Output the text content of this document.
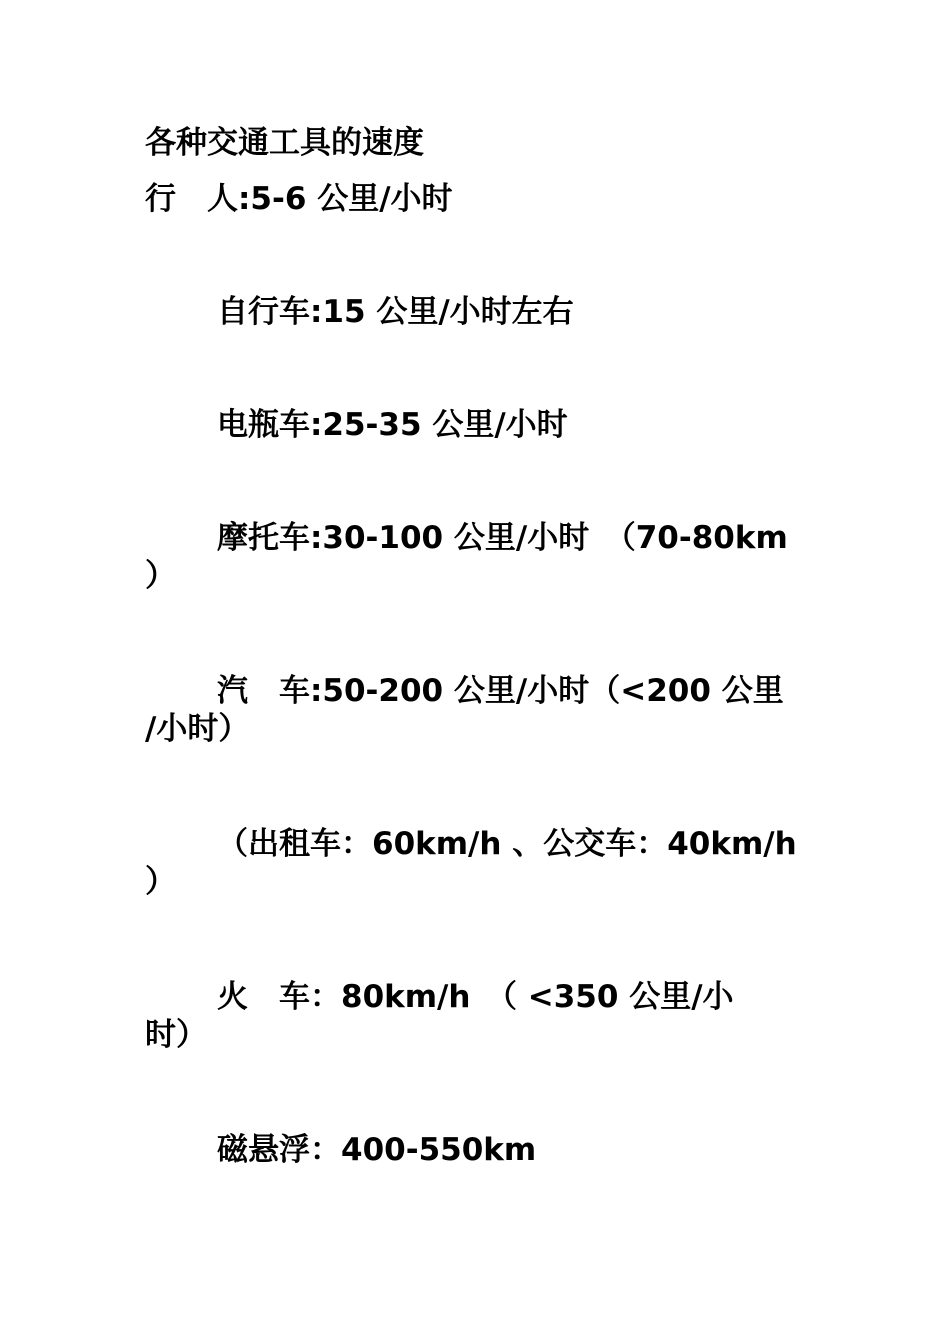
各种交通工具的速度
行　人:5-6 公里/小时
自行车:15 公里/小时左右
电瓶车:25-35 公里/小时
摩托车:30-100 公里/小时　（70-80km
）
汽　车:50-200 公里/小时（<200 公里
/小时）
（出租车：60km/h 、公交车：40km/h
）
火　车：80km/h　（ <350 公里/小
时）
磁悬浮：400-550km
